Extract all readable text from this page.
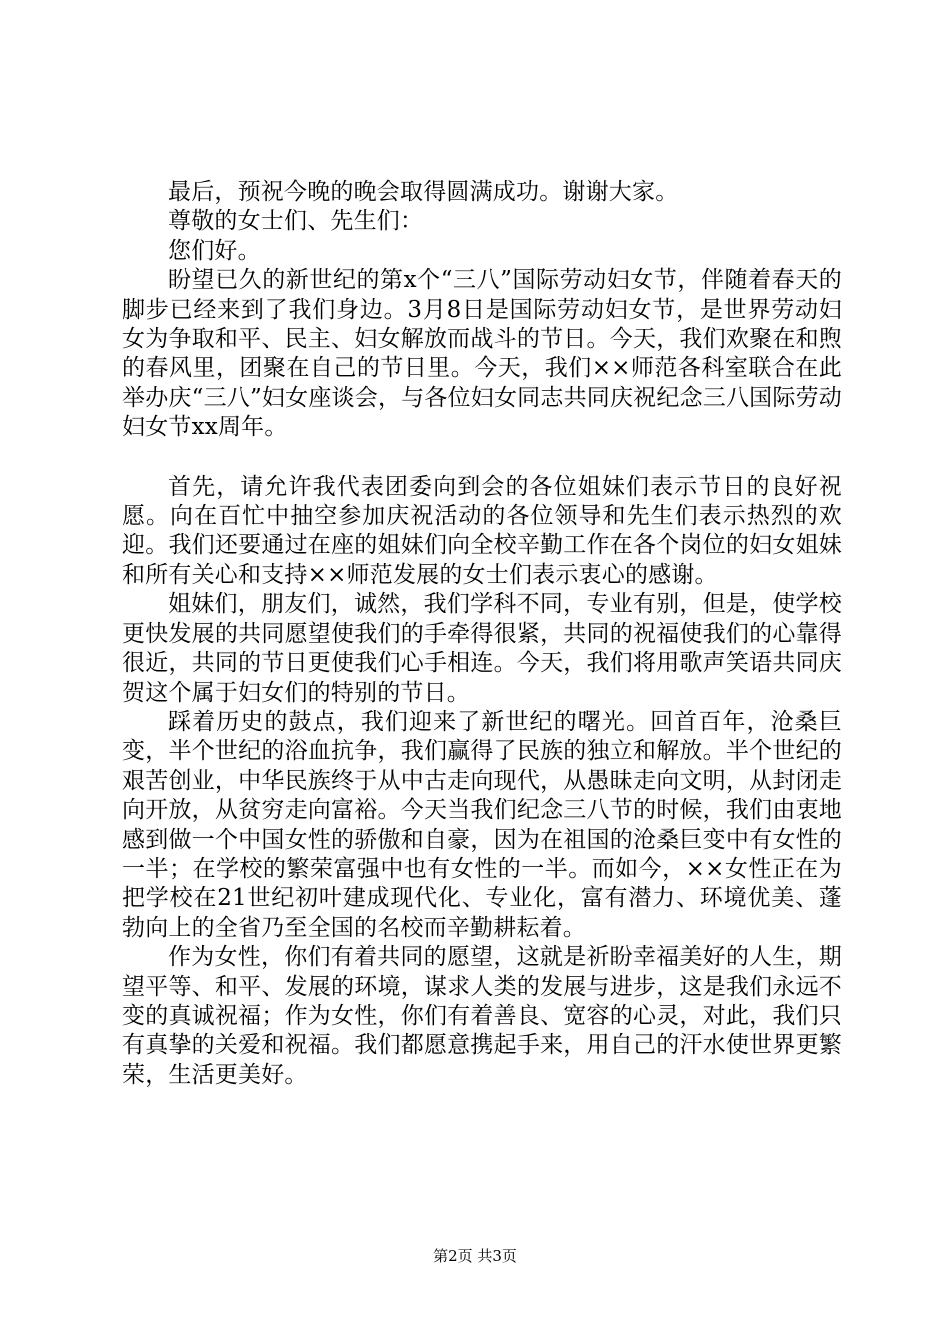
最后，预祝今晚的晚会取得圆满成功。谢谢大家。

尊敬的女士们、先生们：

您们好。

盼望已久的新世纪的第x个“三八”国际劳动妇女节，伴随着春天的脚步已经来到了我们身边。3月8日是国际劳动妇女节，是世界劳动妇女为争取和平、民主、妇女解放而战斗的节日。今天，我们欢聚在和煦的春风里，团聚在自己的节日里。今天，我们××师范各科室联合在此举办庆“三八”妇女座谈会，与各位妇女同志共同庆祝纪念三八国际劳动妇女节xx周年。

首先，请允许我代表团委向到会的各位姐妹们表示节日的良好祝愿。向在百忙中抽空参加庆祝活动的各位领导和先生们表示热烈的欢迎。我们还要通过在座的姐妹们向全校辛勤工作在各个岗位的妇女姐妹和所有关心和支持××师范发展的女士们表示衷心的感谢。

姐妹们，朋友们，诚然，我们学科不同，专业有别，但是，使学校更快发展的共同愿望使我们的手牵得很紧，共同的祝福使我们的心靠得很近，共同的节日更使我们心手相连。今天，我们将用歌声笑语共同庆贺这个属于妇女们的特别的节日。

踩着历史的鼓点，我们迎来了新世纪的曙光。回首百年，沧桑巨变，半个世纪的浴血抗争，我们赢得了民族的独立和解放。半个世纪的艰苦创业，中华民族终于从中古走向现代，从愚昧走向文明，从封闭走向开放，从贫穷走向富裕。今天当我们纪念三八节的时候，我们由衷地感到做一个中国女性的骄傲和自豪，因为在祖国的沧桑巨变中有女性的一半；在学校的繁荣富强中也有女性的一半。而如今，××女性正在为把学校在21世纪初叶建成现代化、专业化，富有潜力、环境优美、蓬勃向上的全省乃至全国的名校而辛勤耕耘着。

作为女性，你们有着共同的愿望，这就是祈盼幸福美好的人生，期望平等、和平、发展的环境，谋求人类的发展与进步，这是我们永远不变的真诚祝福；作为女性，你们有着善良、宽容的心灵，对此，我们只有真挚的关爱和祝福。我们都愿意携起手来，用自己的汗水使世界更繁荣，生活更美好。

第2页 共3页
